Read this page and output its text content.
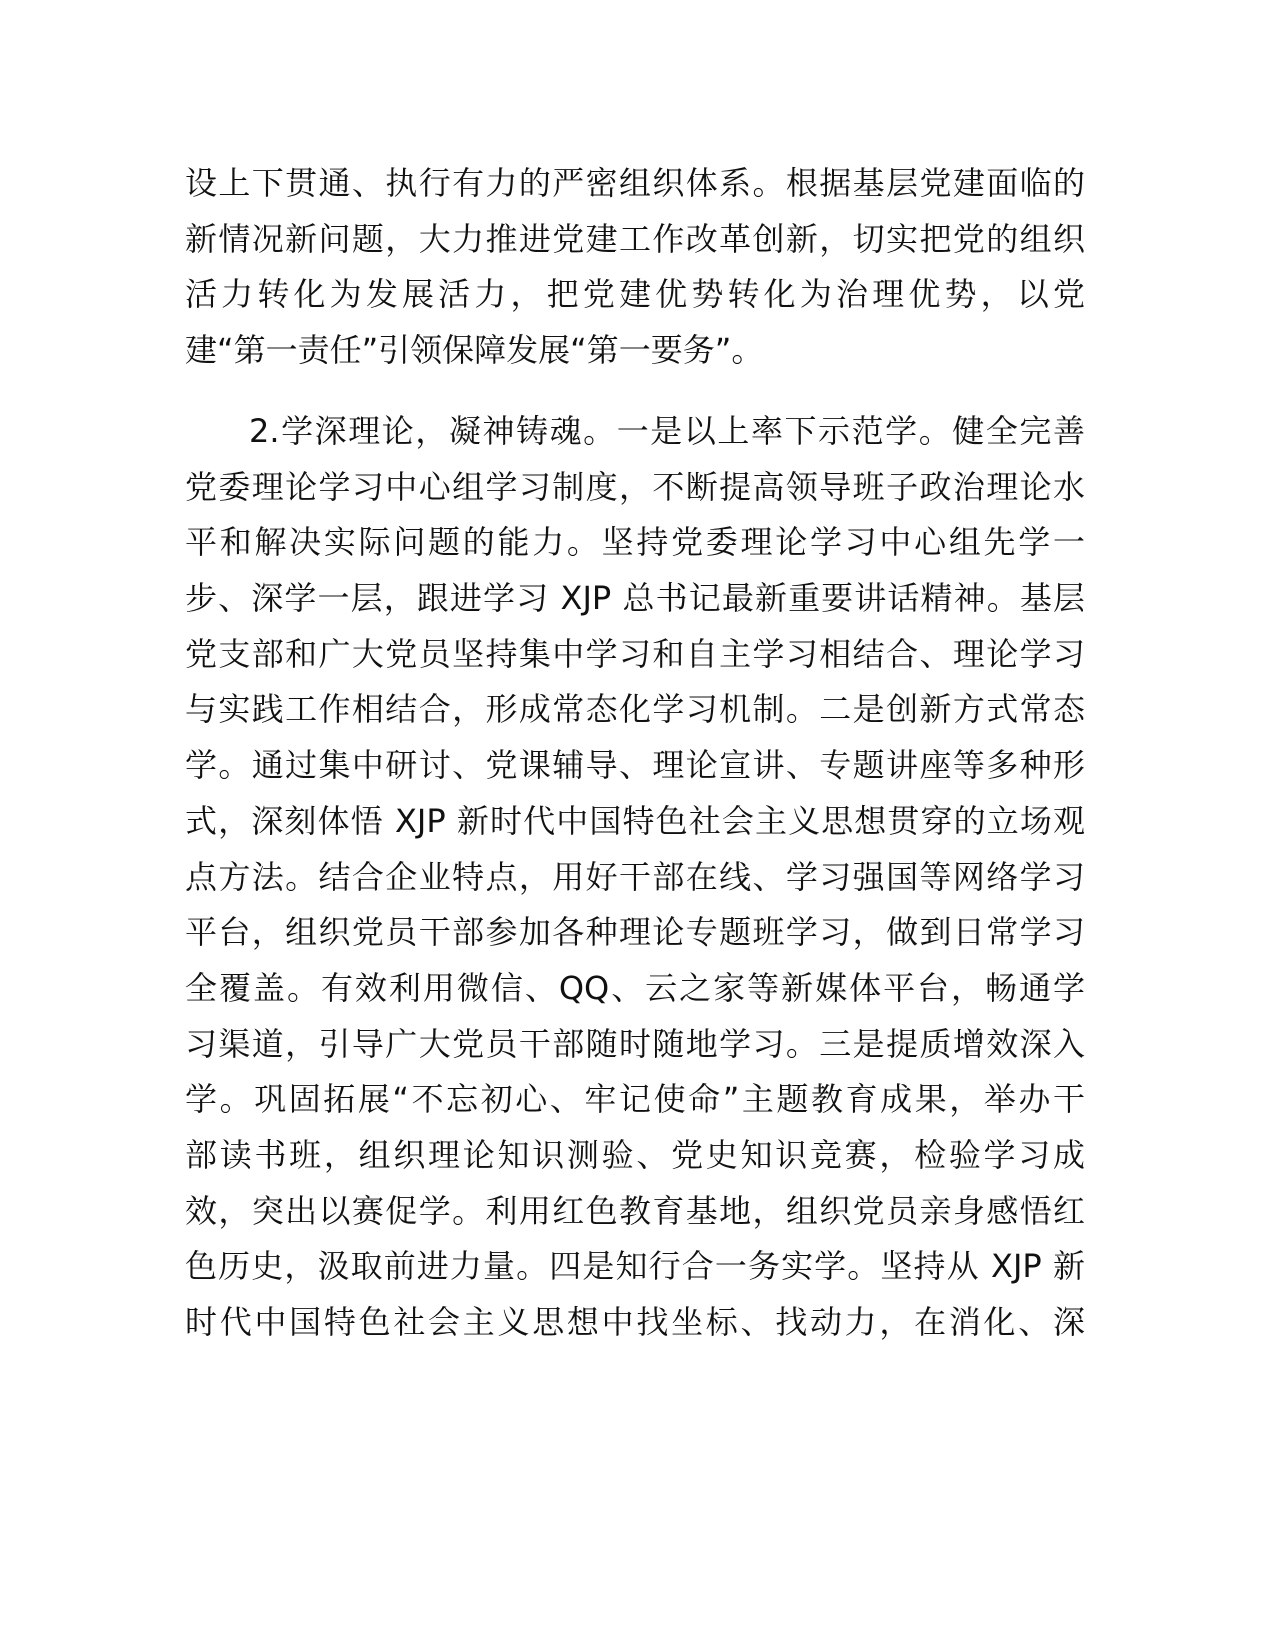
设上下贯通、执行有力的严密组织体系。根据基层党建面临的
新情况新问题，大力推进党建工作改革创新，切实把党的组织
活力转化为发展活力，把党建优势转化为治理优势，以党
建“第一责任”引领保障发展“第一要务”。
2.学深理论，凝神铸魂。一是以上率下示范学。健全完善
党委理论学习中心组学习制度，不断提高领导班子政治理论水
平和解决实际问题的能力。坚持党委理论学习中心组先学一
步、深学一层，跟进学习 XJP 总书记最新重要讲话精神。基层
党支部和广大党员坚持集中学习和自主学习相结合、理论学习
与实践工作相结合，形成常态化学习机制。二是创新方式常态
学。通过集中研讨、党课辅导、理论宣讲、专题讲座等多种形
式，深刻体悟 XJP 新时代中国特色社会主义思想贯穿的立场观
点方法。结合企业特点，用好干部在线、学习强国等网络学习
平台，组织党员干部参加各种理论专题班学习，做到日常学习
全覆盖。有效利用微信、QQ、云之家等新媒体平台，畅通学
习渠道，引导广大党员干部随时随地学习。三是提质增效深入
学。巩固拓展“不忘初心、牢记使命”主题教育成果，举办干
部读书班，组织理论知识测验、党史知识竞赛，检验学习成
效，突出以赛促学。利用红色教育基地，组织党员亲身感悟红
色历史，汲取前进力量。四是知行合一务实学。坚持从 XJP 新
时代中国特色社会主义思想中找坐标、找动力，在消化、深
